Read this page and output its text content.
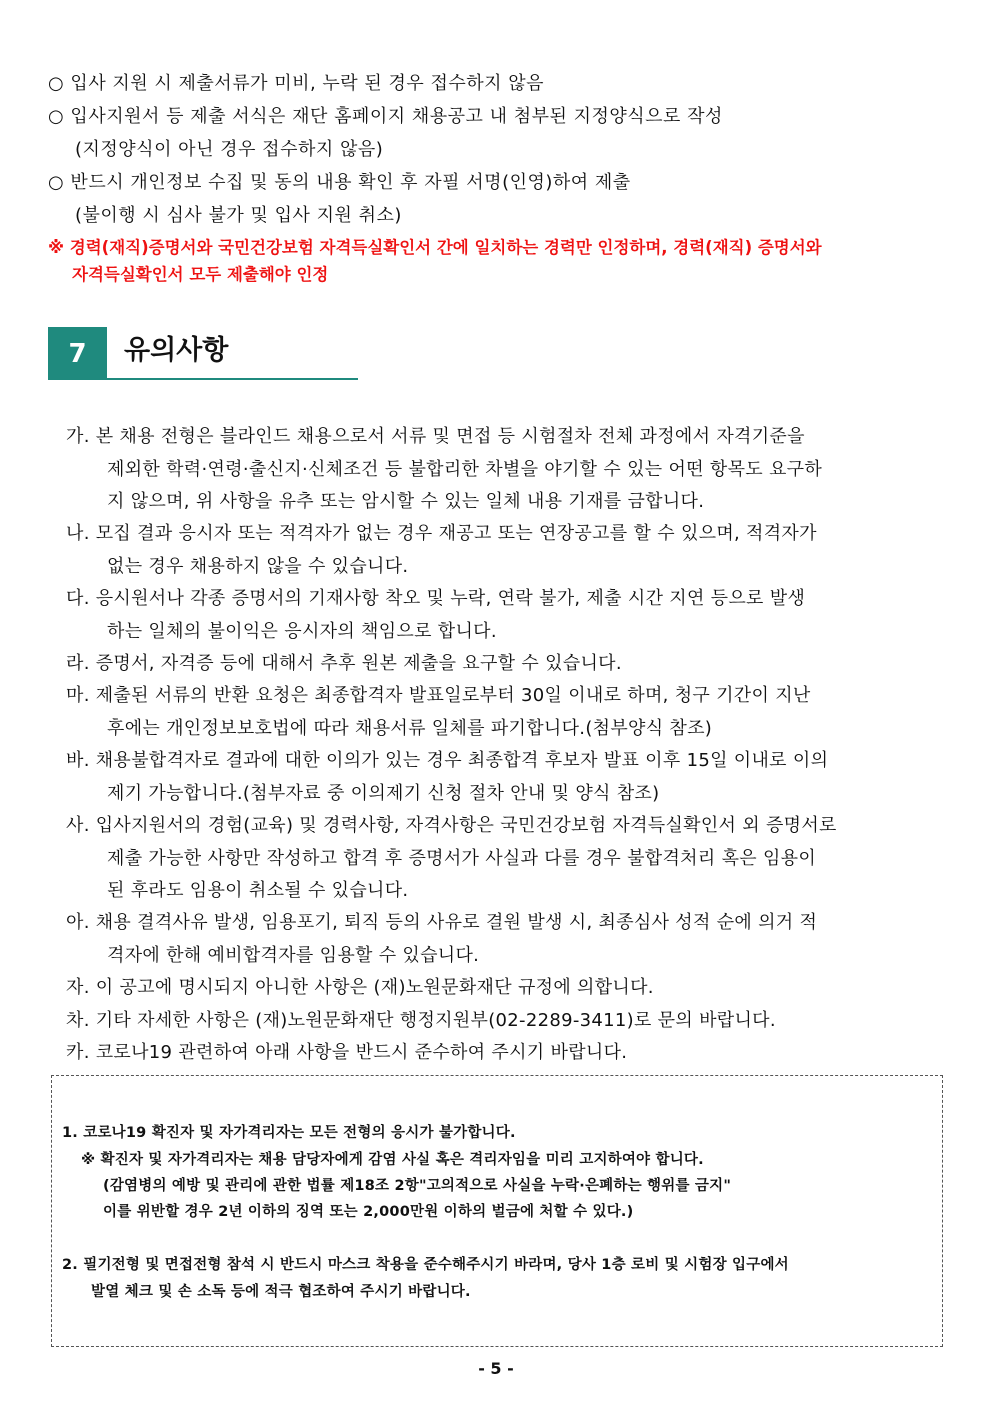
○ 입사 지원 시 제출서류가 미비, 누락 된 경우 접수하지 않음
○ 입사지원서 등 제출 서식은 재단 홈페이지 채용공고 내 첨부된 지정양식으로 작성
(지정양식이 아닌 경우 접수하지 않음)
○ 반드시 개인정보 수집 및 동의 내용 확인 후 자필 서명(인영)하여 제출
(불이행 시 심사 불가 및 입사 지원 취소)
※ 경력(재직)증명서와 국민건강보험 자격득실확인서 간에 일치하는 경력만 인정하며, 경력(재직) 증명서와
자격득실확인서 모두 제출해야 인정
7	유의사항
가. 본 채용 전형은 블라인드 채용으로서 서류 및 면접 등 시험절차 전체 과정에서 자격기준을
제외한 학력·연령·출신지·신체조건 등 불합리한 차별을 야기할 수 있는 어떤 항목도 요구하
지 않으며, 위 사항을 유추 또는 암시할 수 있는 일체 내용 기재를 금합니다.
나. 모집 결과 응시자 또는 적격자가 없는 경우 재공고 또는 연장공고를 할 수 있으며, 적격자가
없는 경우 채용하지 않을 수 있습니다.
다. 응시원서나 각종 증명서의 기재사항 착오 및 누락, 연락 불가, 제출 시간 지연 등으로 발생
하는 일체의 불이익은 응시자의 책임으로 합니다.
라. 증명서, 자격증 등에 대해서 추후 원본 제출을 요구할 수 있습니다.
마. 제출된 서류의 반환 요청은 최종합격자 발표일로부터 30일 이내로 하며, 청구 기간이 지난
후에는 개인정보보호법에 따라 채용서류 일체를 파기합니다.(첨부양식 참조)
바. 채용불합격자로 결과에 대한 이의가 있는 경우 최종합격 후보자 발표 이후 15일 이내로 이의
제기 가능합니다.(첨부자료 중 이의제기 신청 절차 안내 및 양식 참조)
사. 입사지원서의 경험(교육) 및 경력사항, 자격사항은 국민건강보험 자격득실확인서 외 증명서로
제출 가능한 사항만 작성하고 합격 후 증명서가 사실과 다를 경우 불합격처리 혹은 임용이
된 후라도 임용이 취소될 수 있습니다.
아. 채용 결격사유 발생, 임용포기, 퇴직 등의 사유로 결원 발생 시, 최종심사 성적 순에 의거 적
격자에 한해 예비합격자를 임용할 수 있습니다.
자. 이 공고에 명시되지 아니한 사항은 (재)노원문화재단 규정에 의합니다.
차. 기타 자세한 사항은 (재)노원문화재단 행정지원부(02-2289-3411)로 문의 바랍니다.
카. 코로나19 관련하여 아래 사항을 반드시 준수하여 주시기 바랍니다.
1. 코로나19 확진자 및 자가격리자는 모든 전형의 응시가 불가합니다.
※ 확진자 및 자가격리자는 채용 담당자에게 감염 사실 혹은 격리자임을 미리 고지하여야 합니다.
(감염병의 예방 및 관리에 관한 법률 제18조 2항"고의적으로 사실을 누락·은폐하는 행위를 금지"
이를 위반할 경우 2년 이하의 징역 또는 2,000만원 이하의 벌금에 처할 수 있다.)
2. 필기전형 및 면접전형 참석 시 반드시 마스크 착용을 준수해주시기 바라며, 당사 1층 로비 및 시험장 입구에서
발열 체크 및 손 소독 등에 적극 협조하여 주시기 바랍니다.
- 5 -
